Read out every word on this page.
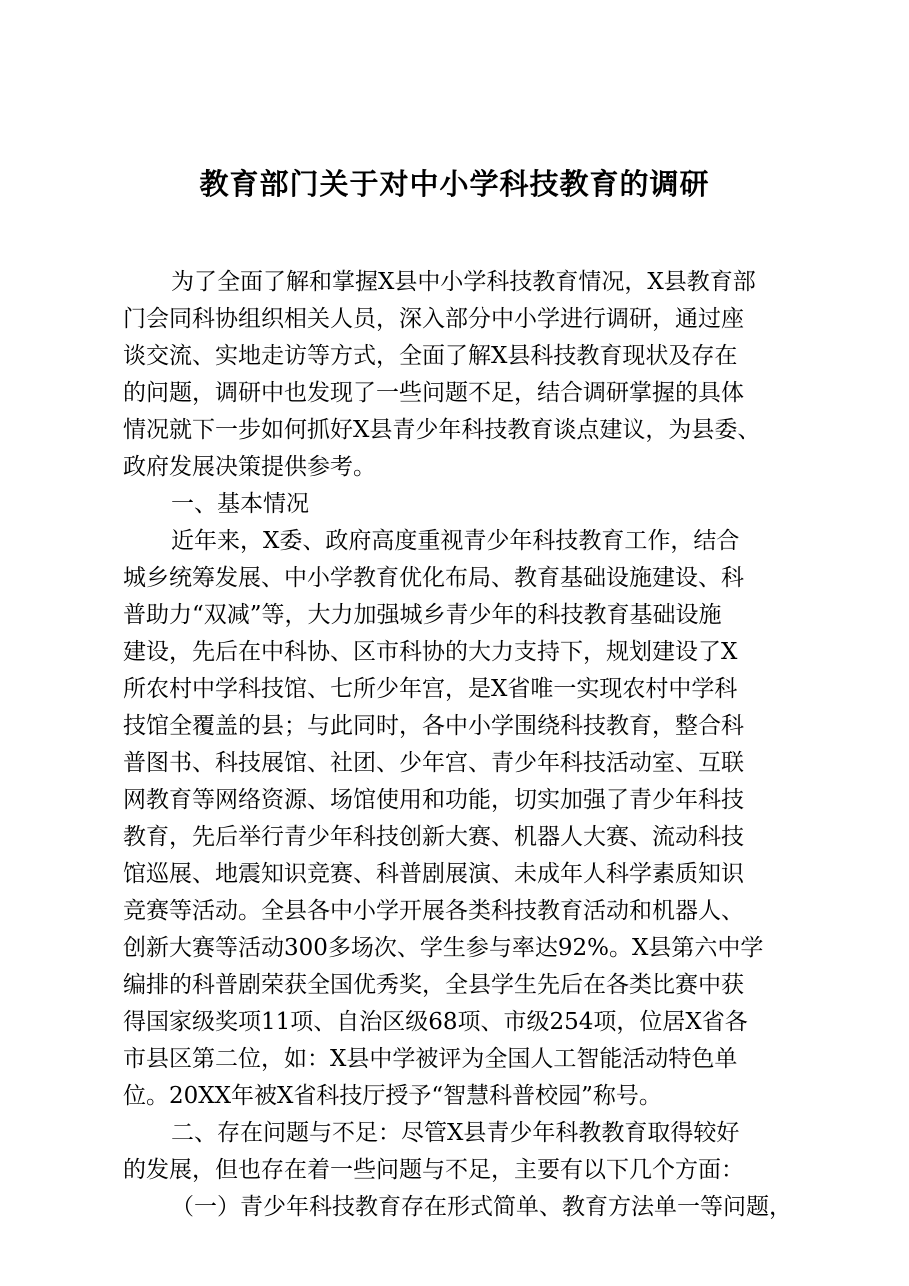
教育部门关于对中小学科技教育的调研
为了全面了解和掌握X县中小学科技教育情况，X县教育部
门会同科协组织相关人员，深入部分中小学进行调研，通过座
谈交流、实地走访等方式，全面了解X县科技教育现状及存在
的问题，调研中也发现了一些问题不足，结合调研掌握的具体
情况就下一步如何抓好X县青少年科技教育谈点建议，为县委、
政府发展决策提供参考。
一、基本情况
近年来，X委、政府高度重视青少年科技教育工作，结合
城乡统筹发展、中小学教育优化布局、教育基础设施建设、科
普助力“双减”等，大力加强城乡青少年的科技教育基础设施
建设，先后在中科协、区市科协的大力支持下，规划建设了X
所农村中学科技馆、七所少年宫，是X省唯一实现农村中学科
技馆全覆盖的县；与此同时，各中小学围绕科技教育，整合科
普图书、科技展馆、社团、少年宫、青少年科技活动室、互联
网教育等网络资源、场馆使用和功能，切实加强了青少年科技
教育，先后举行青少年科技创新大赛、机器人大赛、流动科技
馆巡展、地震知识竞赛、科普剧展演、未成年人科学素质知识
竞赛等活动。全县各中小学开展各类科技教育活动和机器人、
创新大赛等活动300多场次、学生参与率达92%。X县第六中学
编排的科普剧荣获全国优秀奖，全县学生先后在各类比赛中获
得国家级奖项11项、自治区级68项、市级254项，位居X省各
市县区第二位，如：X县中学被评为全国人工智能活动特色单
位。20XX年被X省科技厅授予“智慧科普校园”称号。
二、存在问题与不足：尽管X县青少年科教教育取得较好
的发展，但也存在着一些问题与不足，主要有以下几个方面：
（一）青少年科技教育存在形式简单、教育方法单一等问题，
